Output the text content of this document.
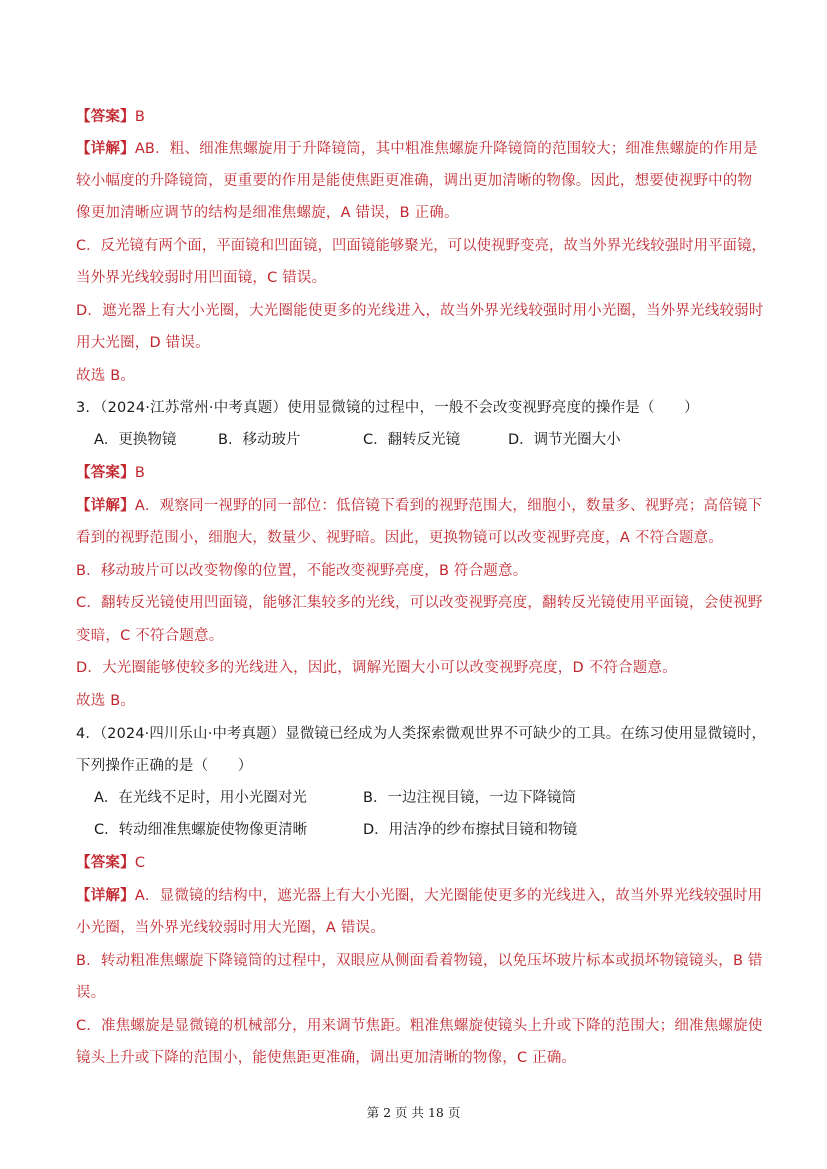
【答案】B
【详解】AB．粗、细准焦螺旋用于升降镜筒，其中粗准焦螺旋升降镜筒的范围较大；细准焦螺旋的作用是
较小幅度的升降镜筒，更重要的作用是能使焦距更准确，调出更加清晰的物像。因此，想要使视野中的物
像更加清晰应调节的结构是细准焦螺旋，A 错误，B 正确。
C．反光镜有两个面，平面镜和凹面镜，凹面镜能够聚光，可以使视野变亮，故当外界光线较强时用平面镜，
当外界光线较弱时用凹面镜，C 错误。
D．遮光器上有大小光圈，大光圈能使更多的光线进入，故当外界光线较强时用小光圈，当外界光线较弱时
用大光圈，D 错误。
故选 B。
3．（2024·江苏常州·中考真题）使用显微镜的过程中，一般不会改变视野亮度的操作是（　　）
A．更换物镜	B．移动玻片	C．翻转反光镜	D．调节光圈大小
【答案】B
【详解】A．观察同一视野的同一部位：低倍镜下看到的视野范围大，细胞小，数量多、视野亮；高倍镜下
看到的视野范围小，细胞大，数量少、视野暗。因此，更换物镜可以改变视野亮度，A 不符合题意。
B．移动玻片可以改变物像的位置，不能改变视野亮度，B 符合题意。
C．翻转反光镜使用凹面镜，能够汇集较多的光线，可以改变视野亮度，翻转反光镜使用平面镜，会使视野
变暗，C 不符合题意。
D．大光圈能够使较多的光线进入，因此，调解光圈大小可以改变视野亮度，D 不符合题意。
故选 B。
4．（2024·四川乐山·中考真题）显微镜已经成为人类探索微观世界不可缺少的工具。在练习使用显微镜时，
下列操作正确的是（　　）
A．在光线不足时，用小光圈对光	B．一边注视目镜，一边下降镜筒
C．转动细准焦螺旋使物像更清晰	D．用洁净的纱布擦拭目镜和物镜
【答案】C
【详解】A．显微镜的结构中，遮光器上有大小光圈，大光圈能使更多的光线进入，故当外界光线较强时用
小光圈，当外界光线较弱时用大光圈，A 错误。
B．转动粗准焦螺旋下降镜筒的过程中，双眼应从侧面看着物镜，以免压坏玻片标本或损坏物镜镜头，B 错
误。
C．准焦螺旋是显微镜的机械部分，用来调节焦距。粗准焦螺旋使镜头上升或下降的范围大；细准焦螺旋使
镜头上升或下降的范围小，能使焦距更准确，调出更加清晰的物像，C 正确。
第 2 页 共 18 页
